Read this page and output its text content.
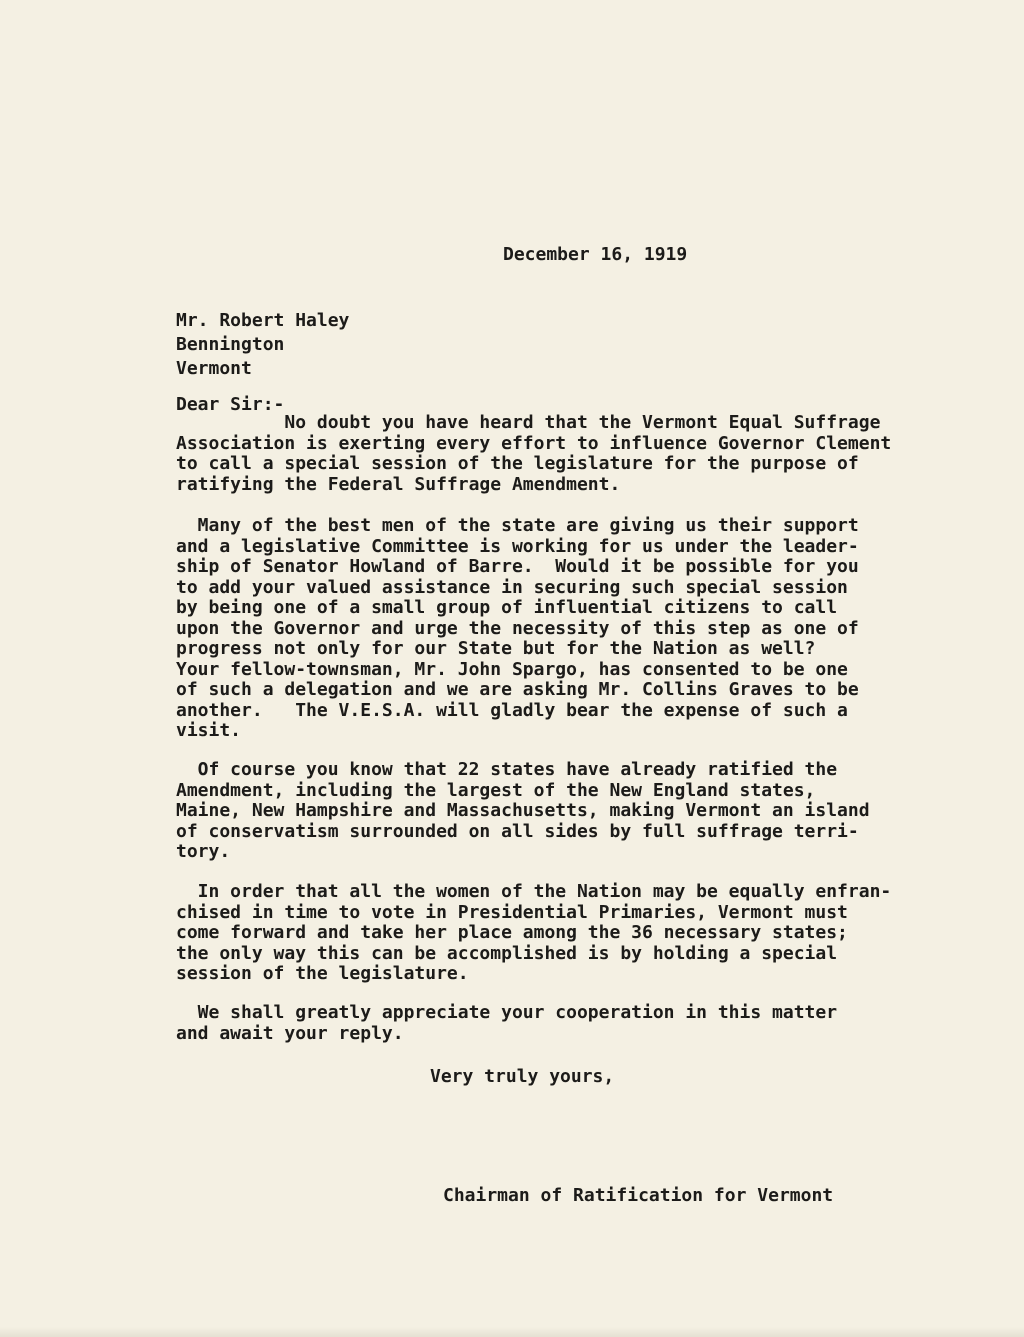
December 16, 1919
Mr. Robert Haley
Bennington
Vermont
Dear Sir:-

No doubt you have heard that the Vermont Equal Suffrage
Association is exerting every effort to influence Governor Clement
to call a special session of the legislature for the purpose of
ratifying the Federal Suffrage Amendment.

Many of the best men of the state are giving us their support
and a legislative Committee is working for us under the leader-
ship of Senator Howland of Barre.  Would it be possible for you
to add your valued assistance in securing such special session
by being one of a small group of influential citizens to call
upon the Governor and urge the necessity of this step as one of
progress not only for our State but for the Nation as well?
Your fellow-townsman, Mr. John Spargo, has consented to be one
of such a delegation and we are asking Mr. Collins Graves to be
another.   The V.E.S.A. will gladly bear the expense of such a
visit.

Of course you know that 22 states have already ratified the
Amendment, including the largest of the New England states,
Maine, New Hampshire and Massachusetts, making Vermont an island
of conservatism surrounded on all sides by full suffrage terri-
tory.

In order that all the women of the Nation may be equally enfran-
chised in time to vote in Presidential Primaries, Vermont must
come forward and take her place among the 36 necessary states;
the only way this can be accomplished is by holding a special
session of the legislature.

We shall greatly appreciate your cooperation in this matter
and await your reply.

Very truly yours,
Chairman of Ratification for Vermont
